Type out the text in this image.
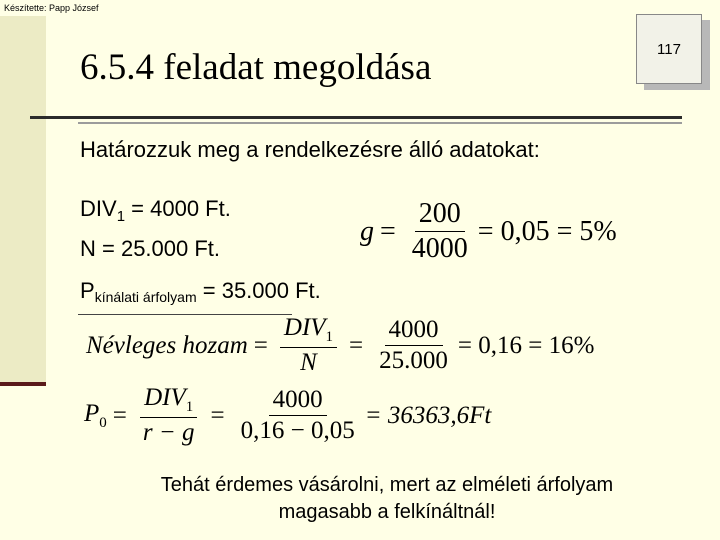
Készítette: Papp József
6.5.4 feladat megoldása	117
Határozzuk meg a rendelkezésre álló adatokat:
$DIV_1 = 4000$ Ft.
N = 25.000 Ft.
Pkínálati árfolyam = 35.000 Ft.
$g = \frac{200}{4000} = 0,05 = 5\%$
Névleges hozam = $\frac{DIV_1}{N} = \frac{4000}{25.000} = 0,16 = 16\%$
$P_0 = \frac{DIV_1}{r - g} = \frac{4000}{0,16 - 0,05} = 36363,6Ft$
Tehát érdemes vásárolni, mert az elméleti árfolyam
magasabb a felkínáltnál!
